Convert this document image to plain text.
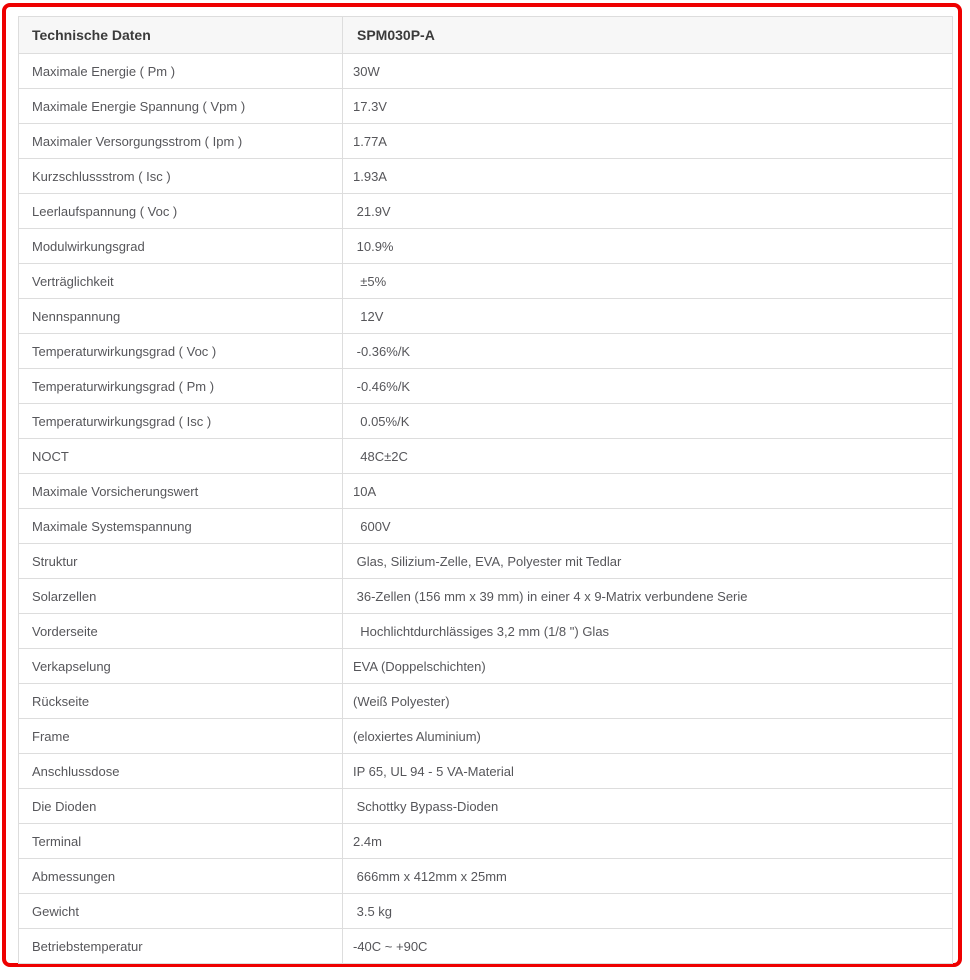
Technische Daten	SPM030P-A
Maximale Energie ( Pm )	30W
Maximale Energie Spannung ( Vpm )	17.3V
Maximaler Versorgungsstrom ( Ipm )	1.77A
Kurzschlussstrom ( Isc )	1.93A
Leerlaufspannung ( Voc )	21.9V
Modulwirkungsgrad	10.9%
Verträglichkeit	±5%
Nennspannung	12V
Temperaturwirkungsgrad ( Voc )	-0.36%/K
Temperaturwirkungsgrad ( Pm )	-0.46%/K
Temperaturwirkungsgrad ( Isc )	0.05%/K
NOCT	48C±2C
Maximale Vorsicherungswert	10A
Maximale Systemspannung	600V
Struktur	Glas, Silizium-Zelle, EVA, Polyester mit Tedlar
Solarzellen	36-Zellen (156 mm x 39 mm) in einer 4 x 9-Matrix verbundene Serie
Vorderseite	Hochlichtdurchlässiges 3,2 mm (1/8 ") Glas
Verkapselung	EVA (Doppelschichten)
Rückseite	(Weiß Polyester)
Frame	(eloxiertes Aluminium)
Anschlussdose	IP 65, UL 94 - 5 VA-Material
Die Dioden	Schottky Bypass-Dioden
Terminal	2.4m
Abmessungen	666mm x 412mm x 25mm
Gewicht	3.5 kg
Betriebstemperatur	-40C ~ +90C
